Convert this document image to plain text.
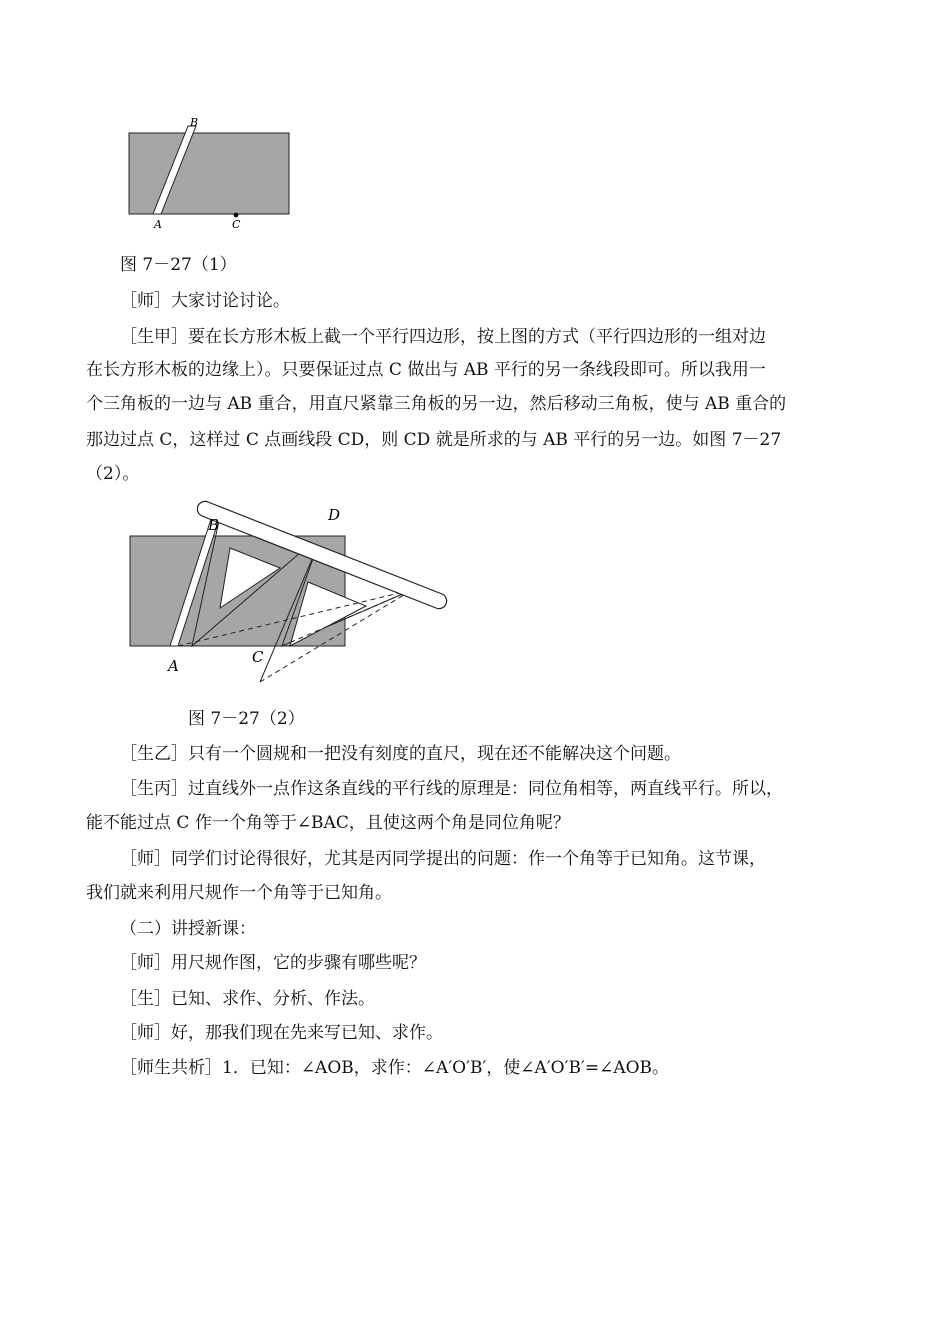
B
A	C
图 7－27（1）
［师］大家讨论讨论。
［生甲］要在长方形木板上截一个平行四边形，按上图的方式（平行四边形的一组对边
在长方形木板的边缘上）。只要保证过点 C 做出与 AB 平行的另一条线段即可。所以我用一
个三角板的一边与 AB 重合，用直尺紧靠三角板的另一边，然后移动三角板，使与 AB 重合的
那边过点 C，这样过 C 点画线段 CD，则 CD 就是所求的与 AB 平行的另一边。如图 7－27
（2）。
B
D
A	C
图 7－27（2）
［生乙］只有一个圆规和一把没有刻度的直尺，现在还不能解决这个问题。
［生丙］过直线外一点作这条直线的平行线的原理是：同位角相等，两直线平行。所以，
能不能过点 C 作一个角等于∠BAC，且使这两个角是同位角呢？
［师］同学们讨论得很好，尤其是丙同学提出的问题：作一个角等于已知角。这节课，
我们就来利用尺规作一个角等于已知角。
（二）讲授新课：
［师］用尺规作图，它的步骤有哪些呢？
［生］已知、求作、分析、作法。
［师］好，那我们现在先来写已知、求作。
［师生共析］1．已知：∠AOB，求作：∠A′O′B′，使∠A′O′B′=∠AOB。
